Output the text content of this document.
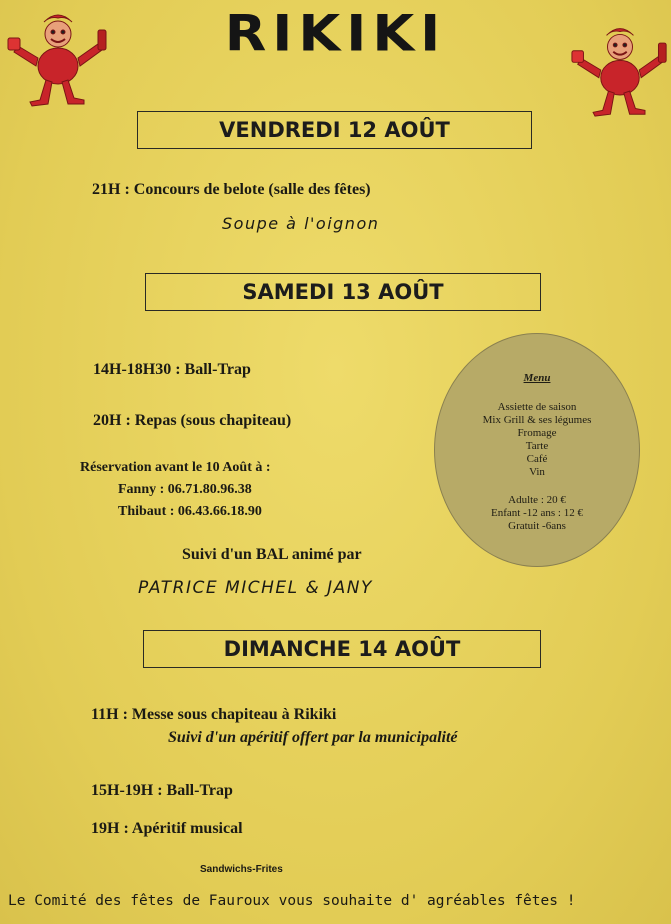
RIKIKI
VENDREDI 12 AOÛT
21H : Concours de belote (salle des fêtes)
Soupe à l'oignon
SAMEDI 13 AOÛT
14H-18H30 : Ball-Trap
20H : Repas (sous chapiteau)
Réservation avant le 10 Août à :
Fanny : 06.71.80.96.38
Thibaut : 06.43.66.18.90
Suivi d'un BAL animé par
PATRICE MICHEL & JANY
Menu
Assiette de saison
Mix Grill & ses légumes
Fromage
Tarte
Café
Vin
Adulte : 20 €
Enfant -12 ans : 12 €
Gratuit -6ans
DIMANCHE 14 AOÛT
11H : Messe sous chapiteau à Rikiki
Suivi d'un apéritif offert par la municipalité
15H-19H : Ball-Trap
19H : Apéritif musical
Sandwichs-Frites
Le Comité des fêtes de Fauroux vous souhaite d' agréables fêtes !
